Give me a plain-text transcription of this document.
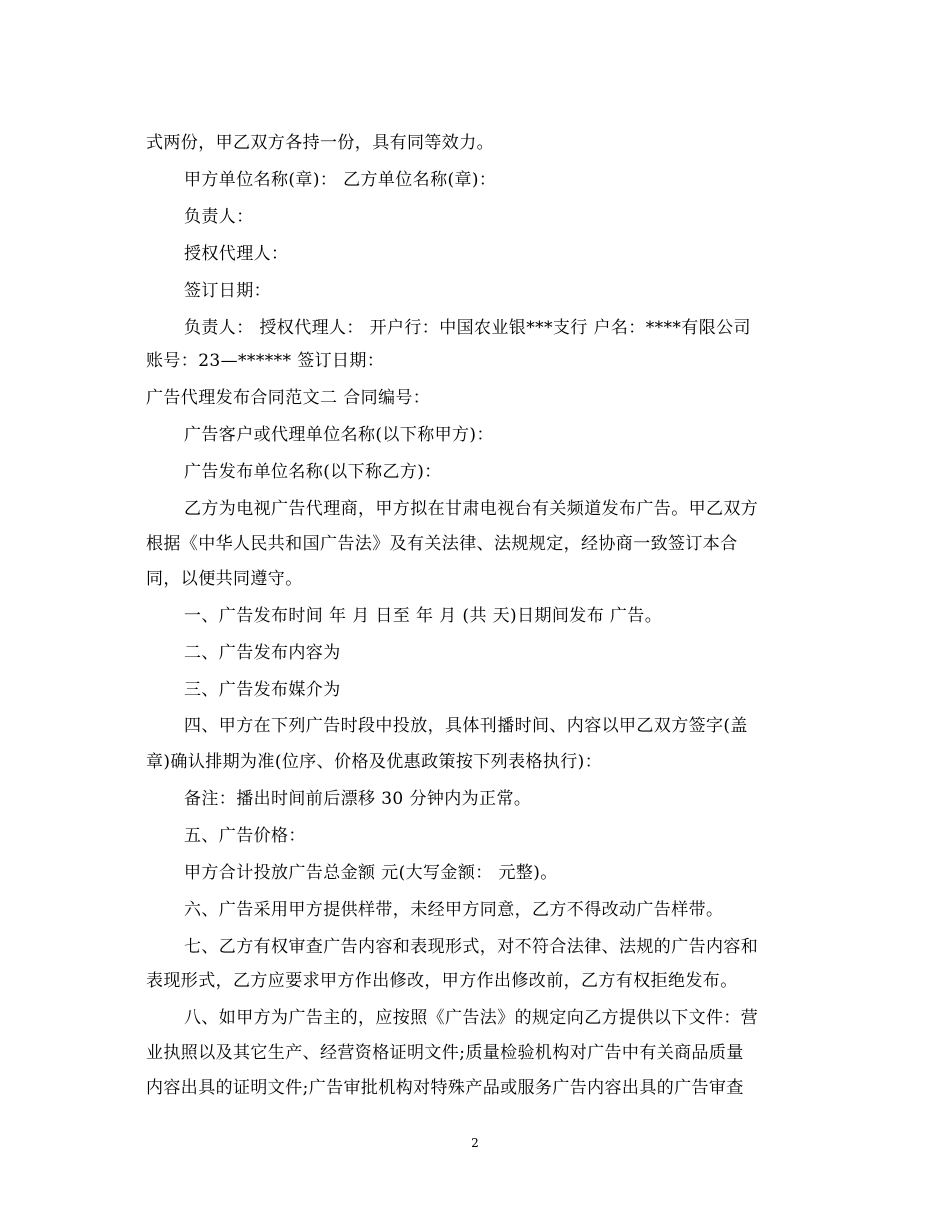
式两份，甲乙双方各持一份，具有同等效力。
甲方单位名称(章)： 乙方单位名称(章)：
负责人：
授权代理人：
签订日期：
负责人： 授权代理人： 开户行：中国农业银***支行 户名：****有限公司
账号：23—****** 签订日期：
广告代理发布合同范文二 合同编号：
广告客户或代理单位名称(以下称甲方)：
广告发布单位名称(以下称乙方)：
乙方为电视广告代理商，甲方拟在甘肃电视台有关频道发布广告。甲乙双方
根据《中华人民共和国广告法》及有关法律、法规规定，经协商一致签订本合
同，以便共同遵守。
一、广告发布时间 年 月 日至 年 月 (共 天)日期间发布 广告。
二、广告发布内容为
三、广告发布媒介为
四、甲方在下列广告时段中投放，具体刊播时间、内容以甲乙双方签字(盖
章)确认排期为准(位序、价格及优惠政策按下列表格执行)：
备注：播出时间前后漂移 30 分钟内为正常。
五、广告价格：
甲方合计投放广告总金额 元(大写金额： 元整)。
六、广告采用甲方提供样带，未经甲方同意，乙方不得改动广告样带。
七、乙方有权审查广告内容和表现形式，对不符合法律、法规的广告内容和
表现形式，乙方应要求甲方作出修改，甲方作出修改前，乙方有权拒绝发布。
八、如甲方为广告主的，应按照《广告法》的规定向乙方提供以下文件：营
业执照以及其它生产、经营资格证明文件;质量检验机构对广告中有关商品质量
内容出具的证明文件;广告审批机构对特殊产品或服务广告内容出具的广告审查
2
